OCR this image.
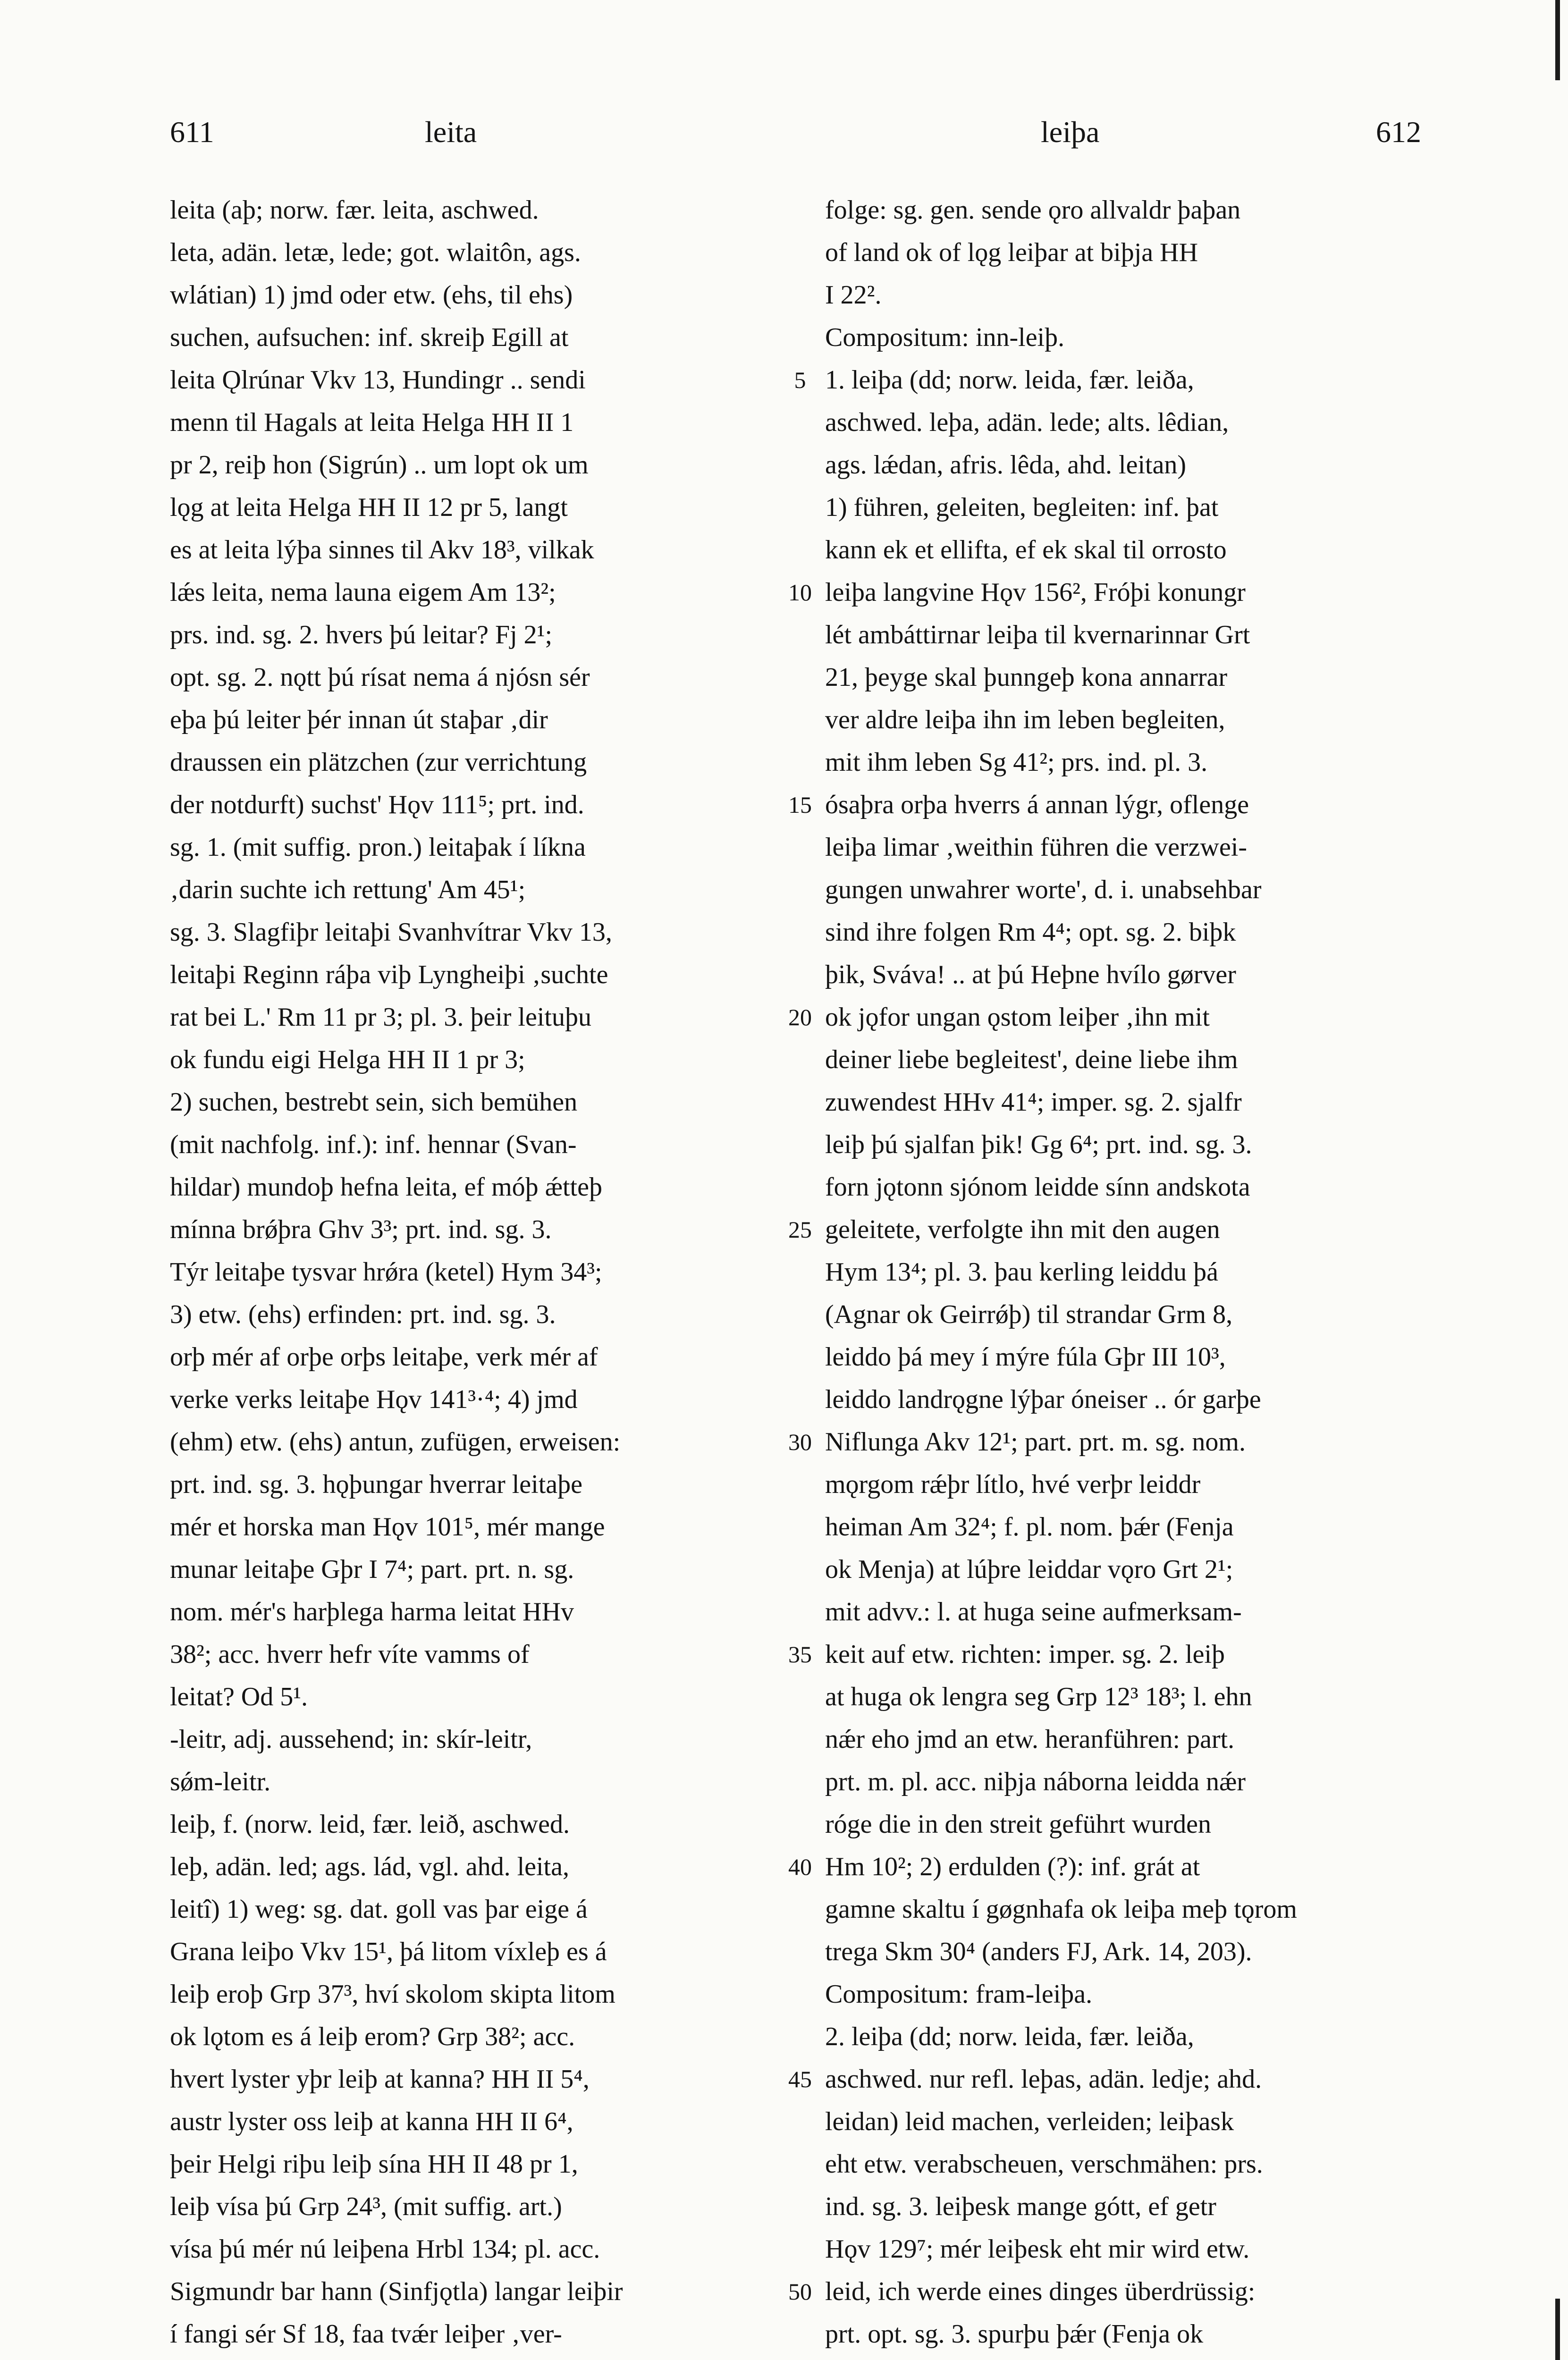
611	leita	leiþa	612
leita (aþ; norw. fær. leita, aschwed.
leta, adän. letæ, lede; got. wlaitôn, ags.
wlátian) 1) jmd oder etw. (ehs, til ehs)
suchen, aufsuchen: inf. skreiþ Egill at
leita Ǫlrúnar Vkv 13, Hundingr .. sendi
menn til Hagals at leita Helga HH II 1
pr 2, reiþ hon (Sigrún) .. um lopt ok um
lǫg at leita Helga HH II 12 pr 5, langt
es at leita lýþa sinnes til Akv 18³, vilkak
lǽs leita, nema launa eigem Am 13²;
prs. ind. sg. 2. hvers þú leitar? Fj 2¹;
opt. sg. 2. nǫtt þú rísat nema á njósn sér
eþa þú leiter þér innan út staþar ‚dir
draussen ein plätzchen (zur verrichtung
der notdurft) suchst' Hǫv 111⁵; prt. ind.
sg. 1. (mit suffig. pron.) leitaþak í líkna
‚darin suchte ich rettung' Am 45¹;
sg. 3. Slagfiþr leitaþi Svanhvítrar Vkv 13,
leitaþi Reginn ráþa viþ Lyngheiþi ‚suchte
rat bei L.' Rm 11 pr 3; pl. 3. þeir leituþu
ok fundu eigi Helga HH II 1 pr 3;
2) suchen, bestrebt sein, sich bemühen
(mit nachfolg. inf.): inf. hennar (Svan-
hildar) mundoþ hefna leita, ef móþ ǽtteþ
mínna brǿþra Ghv 3³; prt. ind. sg. 3.
Týr leitaþe tysvar hrǿra (ketel) Hym 34³;
3) etw. (ehs) erfinden: prt. ind. sg. 3.
orþ mér af orþe orþs leitaþe, verk mér af
verke verks leitaþe Hǫv 141³·⁴; 4) jmd
(ehm) etw. (ehs) antun, zufügen, erweisen:
prt. ind. sg. 3. hǫþungar hverrar leitaþe
mér et horska man Hǫv 101⁵, mér mange
munar leitaþe Gþr I 7⁴; part. prt. n. sg.
nom. mér's harþlega harma leitat HHv
38²; acc. hverr hefr víte vamms of
leitat? Od 5¹.
-leitr, adj. aussehend; in: skír-leitr,
sǿm-leitr.
leiþ, f. (norw. leid, fær. leið, aschwed.
leþ, adän. led; ags. lád, vgl. ahd. leita,
leitî) 1) weg: sg. dat. goll vas þar eige á
Grana leiþo Vkv 15¹, þá litom víxleþ es á
leiþ eroþ Grp 37³, hví skolom skipta litom
ok lǫtom es á leiþ erom? Grp 38²; acc.
hvert lyster yþr leiþ at kanna? HH II 5⁴,
austr lyster oss leiþ at kanna HH II 6⁴,
þeir Helgi riþu leiþ sína HH II 48 pr 1,
leiþ vísa þú Grp 24³, (mit suffig. art.)
vísa þú mér nú leiþena Hrbl 134; pl. acc.
Sigmundr bar hann (Sinfjǫtla) langar leiþir
í fangi sér Sf 18, faa tvǽr leiþer ‚ver-
folge: sg. gen. sende ǫro allvaldr þaþan
of land ok of lǫg leiþar at biþja HH
I 22².
Compositum: inn-leiþ.
1. leiþa (dd; norw. leida, fær. leiða,
aschwed. leþa, adän. lede; alts. lêdian,
ags. lǽdan, afris. lêda, ahd. leitan)
1) führen, geleiten, begleiten: inf. þat
kann ek et ellifta, ef ek skal til orrosto
leiþa langvine Hǫv 156², Fróþi konungr
lét ambáttirnar leiþa til kvernarinnar Grt
21, þeyge skal þunngeþ kona annarrar
ver aldre leiþa ihn im leben begleiten,
mit ihm leben Sg 41²; prs. ind. pl. 3.
ósaþra orþa hverrs á annan lýgr, oflenge
leiþa limar ‚weithin führen die verzwei-
gungen unwahrer worte', d. i. unabsehbar
sind ihre folgen Rm 4⁴; opt. sg. 2. biþk
þik, Sváva! .. at þú Heþne hvílo gørver
ok jǫfor ungan ǫstom leiþer ‚ihn mit
deiner liebe begleitest', deine liebe ihm
zuwendest HHv 41⁴; imper. sg. 2. sjalfr
leiþ þú sjalfan þik! Gg 6⁴; prt. ind. sg. 3.
forn jǫtonn sjónom leidde sínn andskota
geleitete, verfolgte ihn mit den augen
Hym 13⁴; pl. 3. þau kerling leiddu þá
(Agnar ok Geirrǿþ) til strandar Grm 8,
leiddo þá mey í mýre fúla Gþr III 10³,
leiddo landrǫgne lýþar óneiser .. ór garþe
Niflunga Akv 12¹; part. prt. m. sg. nom.
mǫrgom rǽþr lítlo, hvé verþr leiddr
heiman Am 32⁴; f. pl. nom. þǽr (Fenja
ok Menja) at lúþre leiddar vǫro Grt 2¹;
mit advv.: l. at huga seine aufmerksam-
keit auf etw. richten: imper. sg. 2. leiþ
at huga ok lengra seg Grp 12³ 18³; l. ehn
nǽr eho jmd an etw. heranführen: part.
prt. m. pl. acc. niþja náborna leidda nǽr
róge die in den streit geführt wurden
Hm 10²; 2) erdulden (?): inf. grát at
gamne skaltu í gøgnhafa ok leiþa meþ tǫrom
trega Skm 30⁴ (anders FJ, Ark. 14, 203).
Compositum: fram-leiþa.
2. leiþa (dd; norw. leida, fær. leiða,
aschwed. nur refl. leþas, adän. ledje; ahd.
leidan) leid machen, verleiden; leiþask
eht etw. verabscheuen, verschmähen: prs.
ind. sg. 3. leiþesk mange gótt, ef getr
Hǫv 129⁷; mér leiþesk eht mir wird etw.
leid, ich werde eines dinges überdrüssig:
prt. opt. sg. 3. spurþu þǽr (Fenja ok
5
10
15
20
25
30
35
40
45
50
